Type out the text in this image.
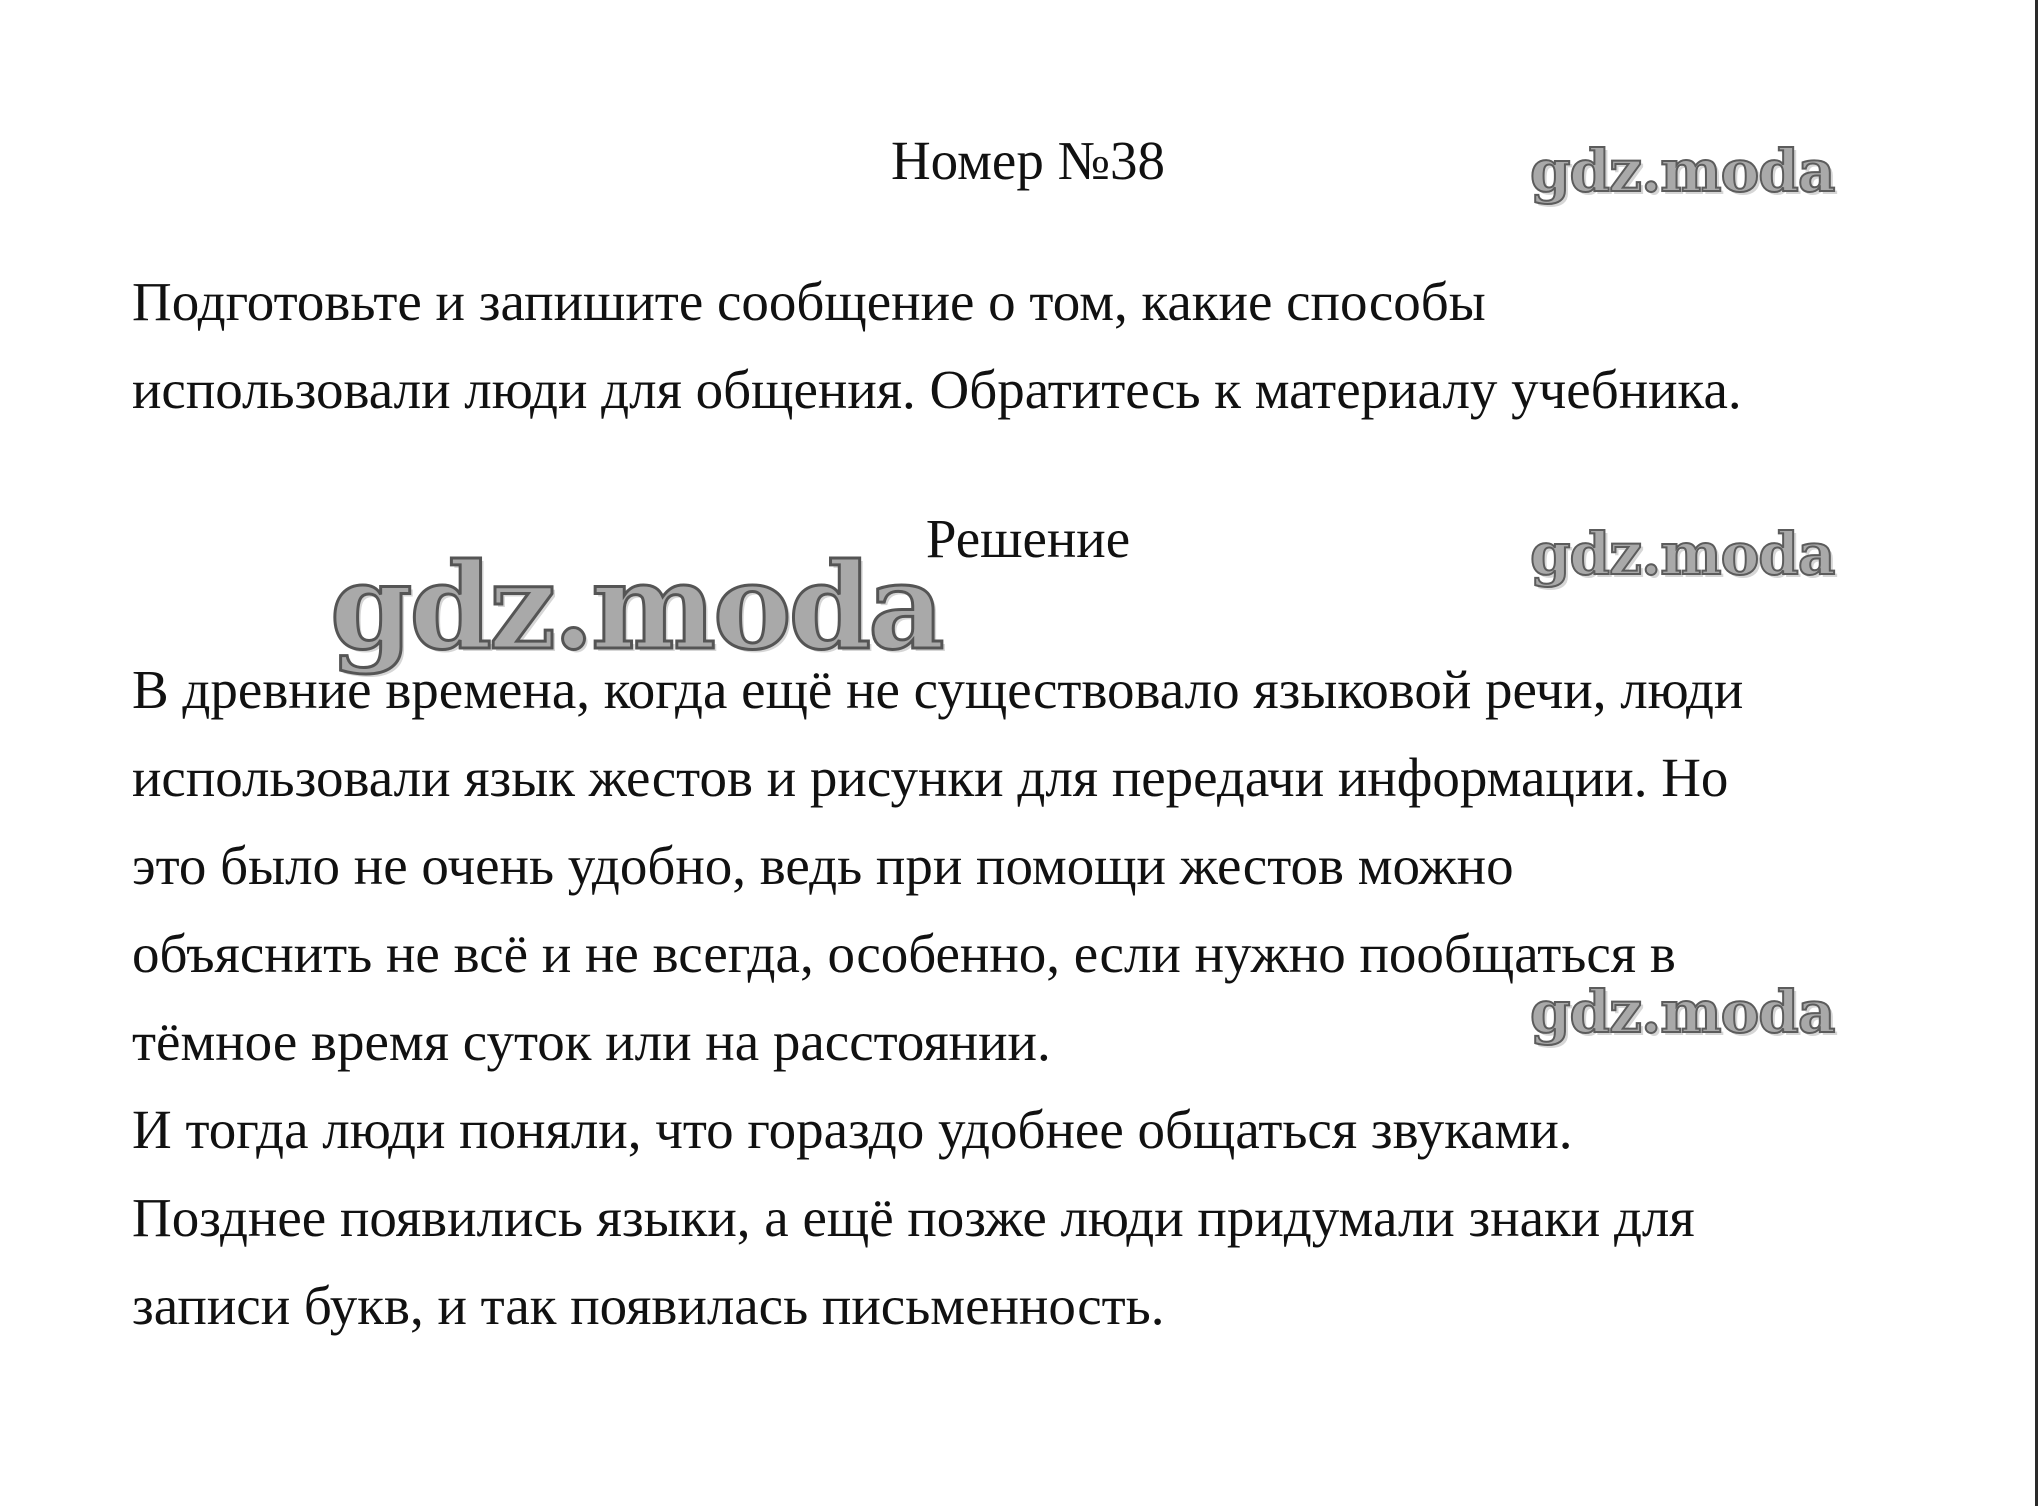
Номер №38	gdz.moda
Подготовьте и запишите сообщение о том, какие способы
использовали люди для общения. Обратитесь к материалу учебника.
Решение	gdz.moda
gdz.moda
В древние времена, когда ещё не существовало языковой речи, люди
использовали язык жестов и рисунки для передачи информации. Но
это было не очень удобно, ведь при помощи жестов можно
объяснить не всё и не всегда, особенно, если нужно пообщаться в
тёмное время суток или на расстоянии.
И тогда люди поняли, что гораздо удобнее общаться звуками.
Позднее появились языки, а ещё позже люди придумали знаки для
записи букв, и так появилась письменность.
gdz.moda
